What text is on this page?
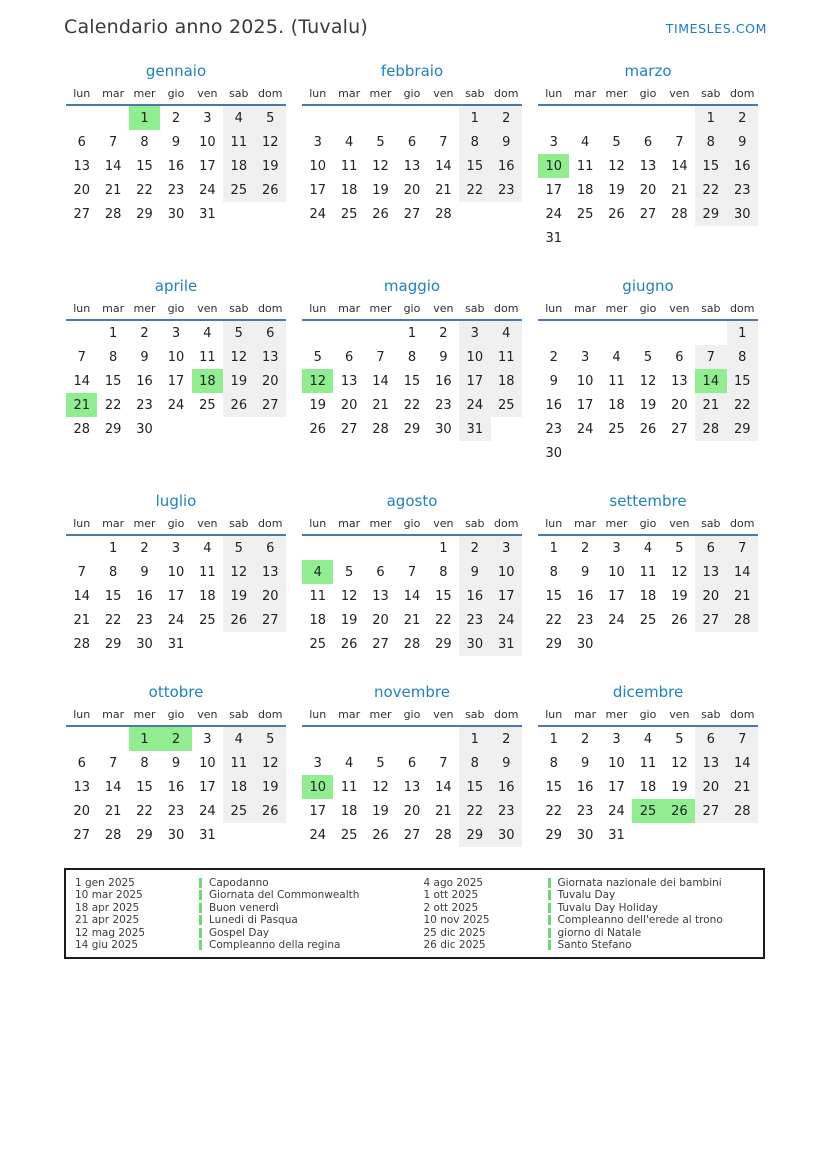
Calendario anno 2025. (Tuvalu)	TIMESLES.COM
gennaio
lun	mar	mer	gio	ven	sab	dom
		1	2	3	4	5
6	7	8	9	10	11	12
13	14	15	16	17	18	19
20	21	22	23	24	25	26
27	28	29	30	31		
febbraio
lun	mar	mer	gio	ven	sab	dom
					1	2
3	4	5	6	7	8	9
10	11	12	13	14	15	16
17	18	19	20	21	22	23
24	25	26	27	28		
marzo
lun	mar	mer	gio	ven	sab	dom
					1	2
3	4	5	6	7	8	9
10	11	12	13	14	15	16
17	18	19	20	21	22	23
24	25	26	27	28	29	30
31						
aprile
lun	mar	mer	gio	ven	sab	dom
	1	2	3	4	5	6
7	8	9	10	11	12	13
14	15	16	17	18	19	20
21	22	23	24	25	26	27
28	29	30				
maggio
lun	mar	mer	gio	ven	sab	dom
			1	2	3	4
5	6	7	8	9	10	11
12	13	14	15	16	17	18
19	20	21	22	23	24	25
26	27	28	29	30	31	
giugno
lun	mar	mer	gio	ven	sab	dom
						1
2	3	4	5	6	7	8
9	10	11	12	13	14	15
16	17	18	19	20	21	22
23	24	25	26	27	28	29
30						
luglio
lun	mar	mer	gio	ven	sab	dom
	1	2	3	4	5	6
7	8	9	10	11	12	13
14	15	16	17	18	19	20
21	22	23	24	25	26	27
28	29	30	31			
agosto
lun	mar	mer	gio	ven	sab	dom
				1	2	3
4	5	6	7	8	9	10
11	12	13	14	15	16	17
18	19	20	21	22	23	24
25	26	27	28	29	30	31
settembre
lun	mar	mer	gio	ven	sab	dom
1	2	3	4	5	6	7
8	9	10	11	12	13	14
15	16	17	18	19	20	21
22	23	24	25	26	27	28
29	30					
ottobre
lun	mar	mer	gio	ven	sab	dom
		1	2	3	4	5
6	7	8	9	10	11	12
13	14	15	16	17	18	19
20	21	22	23	24	25	26
27	28	29	30	31		
novembre
lun	mar	mer	gio	ven	sab	dom
					1	2
3	4	5	6	7	8	9
10	11	12	13	14	15	16
17	18	19	20	21	22	23
24	25	26	27	28	29	30
dicembre
lun	mar	mer	gio	ven	sab	dom
1	2	3	4	5	6	7
8	9	10	11	12	13	14
15	16	17	18	19	20	21
22	23	24	25	26	27	28
29	30	31				
1 gen 2025	Capodanno
10 mar 2025	Giornata del Commonwealth
18 apr 2025	Buon venerdì
21 apr 2025	Lunedi di Pasqua
12 mag 2025	Gospel Day
14 giu 2025	Compleanno della regina
4 ago 2025	Giornata nazionale dei bambini
1 ott 2025	Tuvalu Day
2 ott 2025	Tuvalu Day Holiday
10 nov 2025	Compleanno dell'erede al trono
25 dic 2025	giorno di Natale
26 dic 2025	Santo Stefano
